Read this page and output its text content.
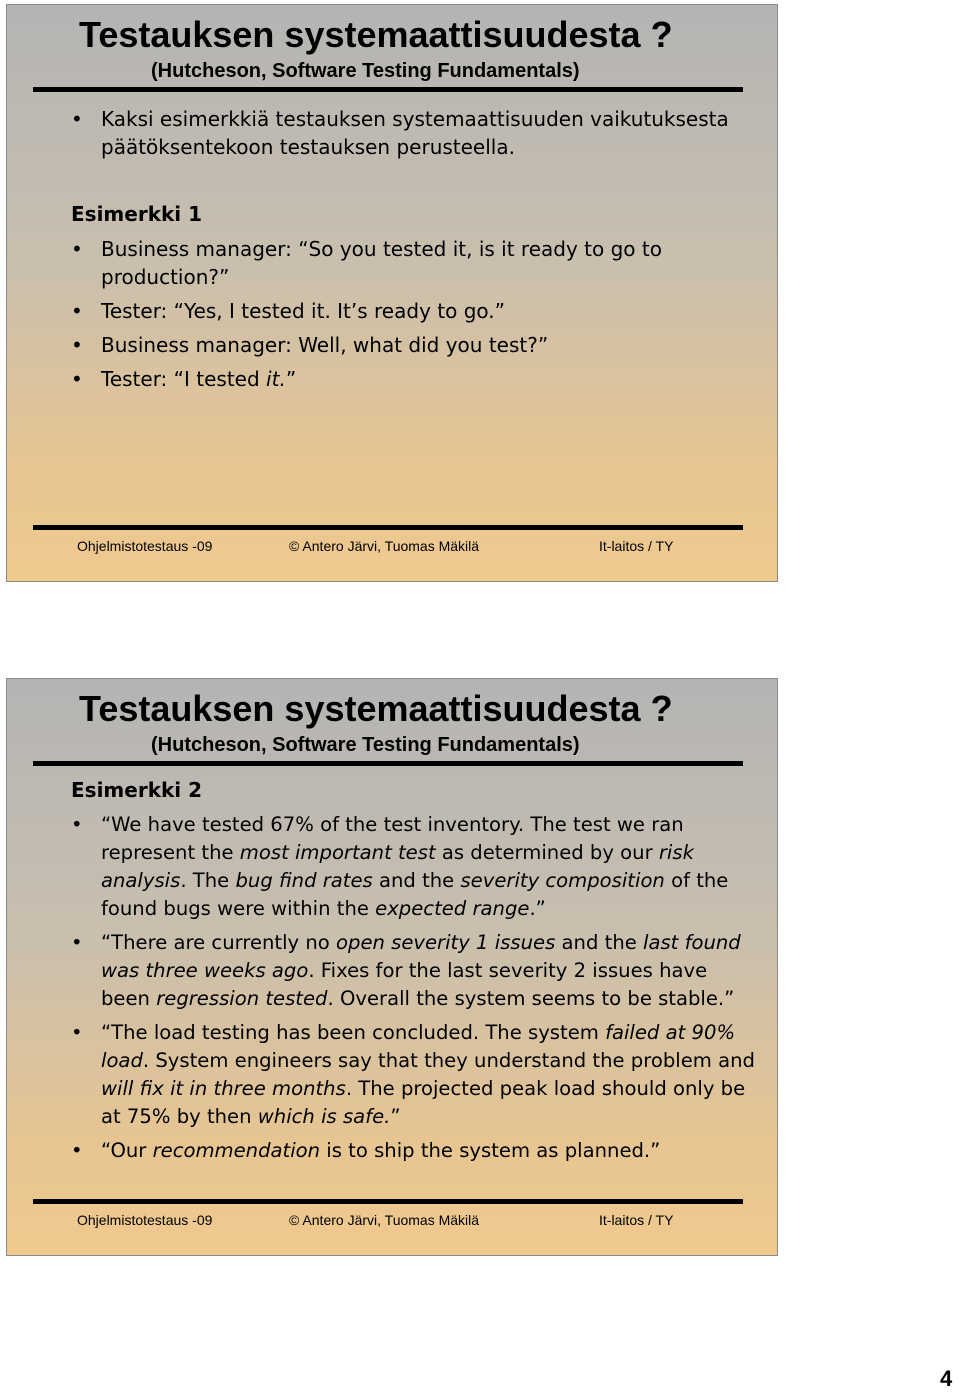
Testauksen systemaattisuudesta ?
(Hutcheson, Software Testing Fundamentals)
• Kaksi esimerkkiä testauksen systemaattisuuden vaikutuksesta päätöksentekoon testauksen perusteella.
Esimerkki 1
• Business manager: “So you tested it, is it ready to go to production?”
• Tester: “Yes, I tested it. It’s ready to go.”
• Business manager: Well, what did you test?”
• Tester: “I tested it.”
Ohjelmistotestaus -09	© Antero Järvi, Tuomas Mäkilä	It-laitos / TY
Testauksen systemaattisuudesta ?
(Hutcheson, Software Testing Fundamentals)
Esimerkki 2
• “We have tested 67% of the test inventory. The test we ran represent the most important test as determined by our risk analysis. The bug find rates and the severity composition of the found bugs were within the expected range.”
• “There are currently no open severity 1 issues and the last found was three weeks ago. Fixes for the last severity 2 issues have been regression tested. Overall the system seems to be stable.”
• “The load testing has been concluded. The system failed at 90% load. System engineers say that they understand the problem and will fix it in three months. The projected peak load should only be at 75% by then which is safe.”
• “Our recommendation is to ship the system as planned.”
Ohjelmistotestaus -09	© Antero Järvi, Tuomas Mäkilä	It-laitos / TY
4
